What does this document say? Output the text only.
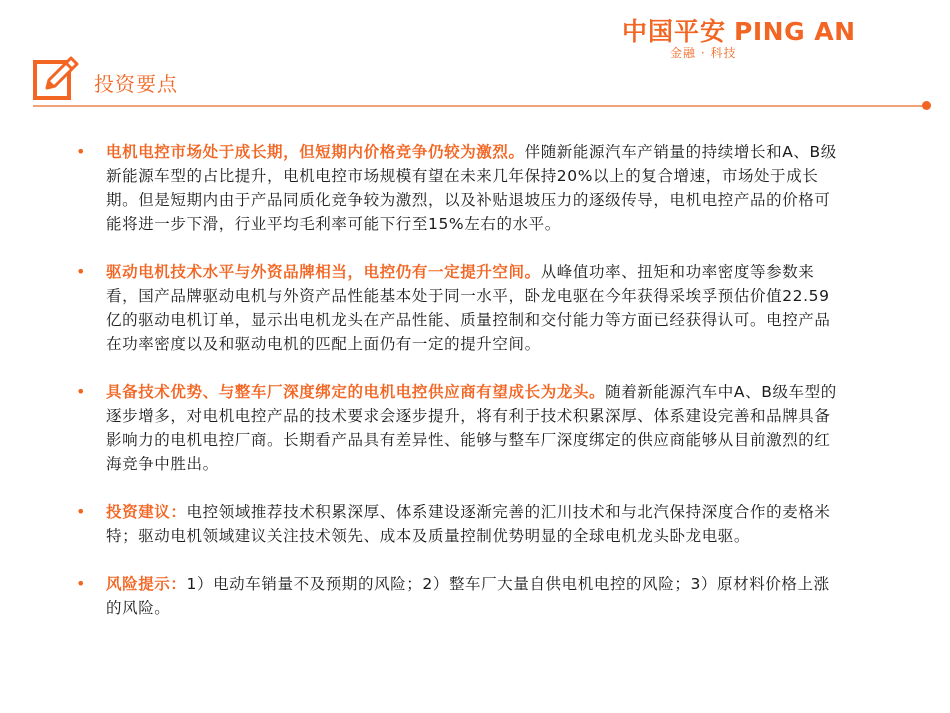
中国平安 PING AN
金融 · 科技
投资要点
• 电机电控市场处于成长期，但短期内价格竞争仍较为激烈。伴随新能源汽车产销量的持续增长和A、B级新能源车型的占比提升，电机电控市场规模有望在未来几年保持20%以上的复合增速，市场处于成长期。但是短期内由于产品同质化竞争较为激烈，以及补贴退坡压力的逐级传导，电机电控产品的价格可能将进一步下滑，行业平均毛利率可能下行至15%左右的水平。
• 驱动电机技术水平与外资品牌相当，电控仍有一定提升空间。从峰值功率、扭矩和功率密度等参数来看，国产品牌驱动电机与外资产品性能基本处于同一水平，卧龙电驱在今年获得采埃孚预估价值22.59亿的驱动电机订单，显示出电机龙头在产品性能、质量控制和交付能力等方面已经获得认可。电控产品在功率密度以及和驱动电机的匹配上面仍有一定的提升空间。
• 具备技术优势、与整车厂深度绑定的电机电控供应商有望成长为龙头。随着新能源汽车中A、B级车型的逐步增多，对电机电控产品的技术要求会逐步提升，将有利于技术积累深厚、体系建设完善和品牌具备影响力的电机电控厂商。长期看产品具有差异性、能够与整车厂深度绑定的供应商能够从目前激烈的红海竞争中胜出。
• 投资建议：电控领域推荐技术积累深厚、体系建设逐渐完善的汇川技术和与北汽保持深度合作的麦格米特；驱动电机领域建议关注技术领先、成本及质量控制优势明显的全球电机龙头卧龙电驱。
• 风险提示：1）电动车销量不及预期的风险；2）整车厂大量自供电机电控的风险；3）原材料价格上涨的风险。
